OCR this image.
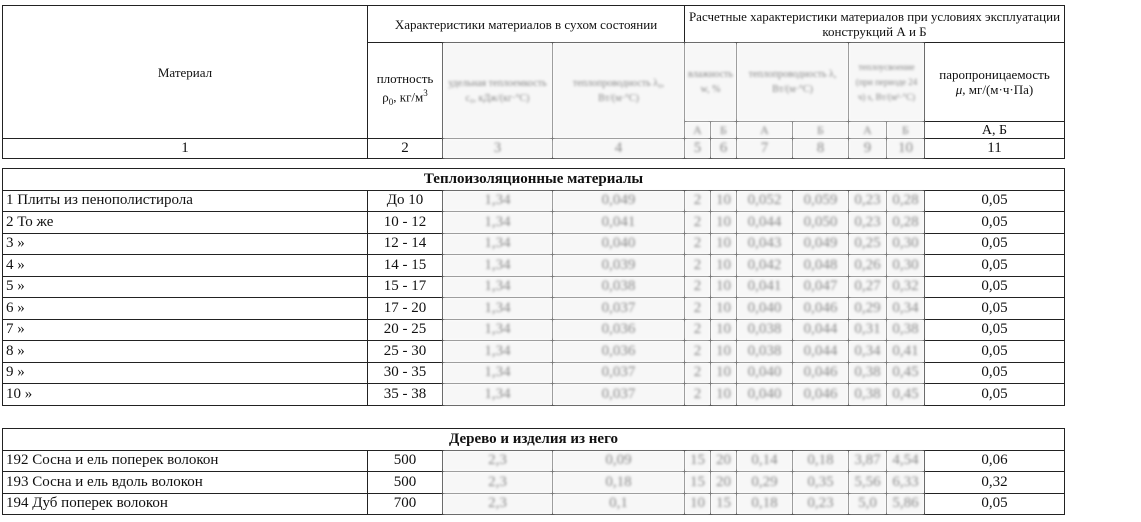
Материал	Характеристики материалов в сухом состоянии			Расчетные характеристики материалов при условиях эксплуатации конструкций А и Б						
	плотность
$\rho_0$, $кг/м^3$	удельная теплоемкость с₀, кДж/(кг·°С)	теплопроводность λ₀, Вт/(м·°С)	влажность w, %		теплопроводность λ, Вт/(м·°С)		теплоусвоение (при периоде 24 ч) s, Вт/(м²·°С)		паропроницаемость
μ, мг/(м·ч·Па)
				А	Б	А	Б	А	Б	А, Б
1	2	3	4	5	6	7	8	9	10	11
Теплоизоляционные материалы										
1 Плиты из пенополистирола	До 10	1,34	0,049	2	10	0,052	0,059	0,23	0,28	0,05
2 То же	10 - 12	1,34	0,041	2	10	0,044	0,050	0,23	0,28	0,05
3 »	12 - 14	1,34	0,040	2	10	0,043	0,049	0,25	0,30	0,05
4 »	14 - 15	1,34	0,039	2	10	0,042	0,048	0,26	0,30	0,05
5 »	15 - 17	1,34	0,038	2	10	0,041	0,047	0,27	0,32	0,05
6 »	17 - 20	1,34	0,037	2	10	0,040	0,046	0,29	0,34	0,05
7 »	20 - 25	1,34	0,036	2	10	0,038	0,044	0,31	0,38	0,05
8 »	25 - 30	1,34	0,036	2	10	0,038	0,044	0,34	0,41	0,05
9 »	30 - 35	1,34	0,037	2	10	0,040	0,046	0,38	0,45	0,05
10 »	35 - 38	1,34	0,037	2	10	0,040	0,046	0,38	0,45	0,05
Дерево и изделия из него										
192 Сосна и ель поперек волокон	500	2,3	0,09	15	20	0,14	0,18	3,87	4,54	0,06
193 Сосна и ель вдоль волокон	500	2,3	0,18	15	20	0,29	0,35	5,56	6,33	0,32
194 Дуб поперек волокон	700	2,3	0,1	10	15	0,18	0,23	5,0	5,86	0,05
